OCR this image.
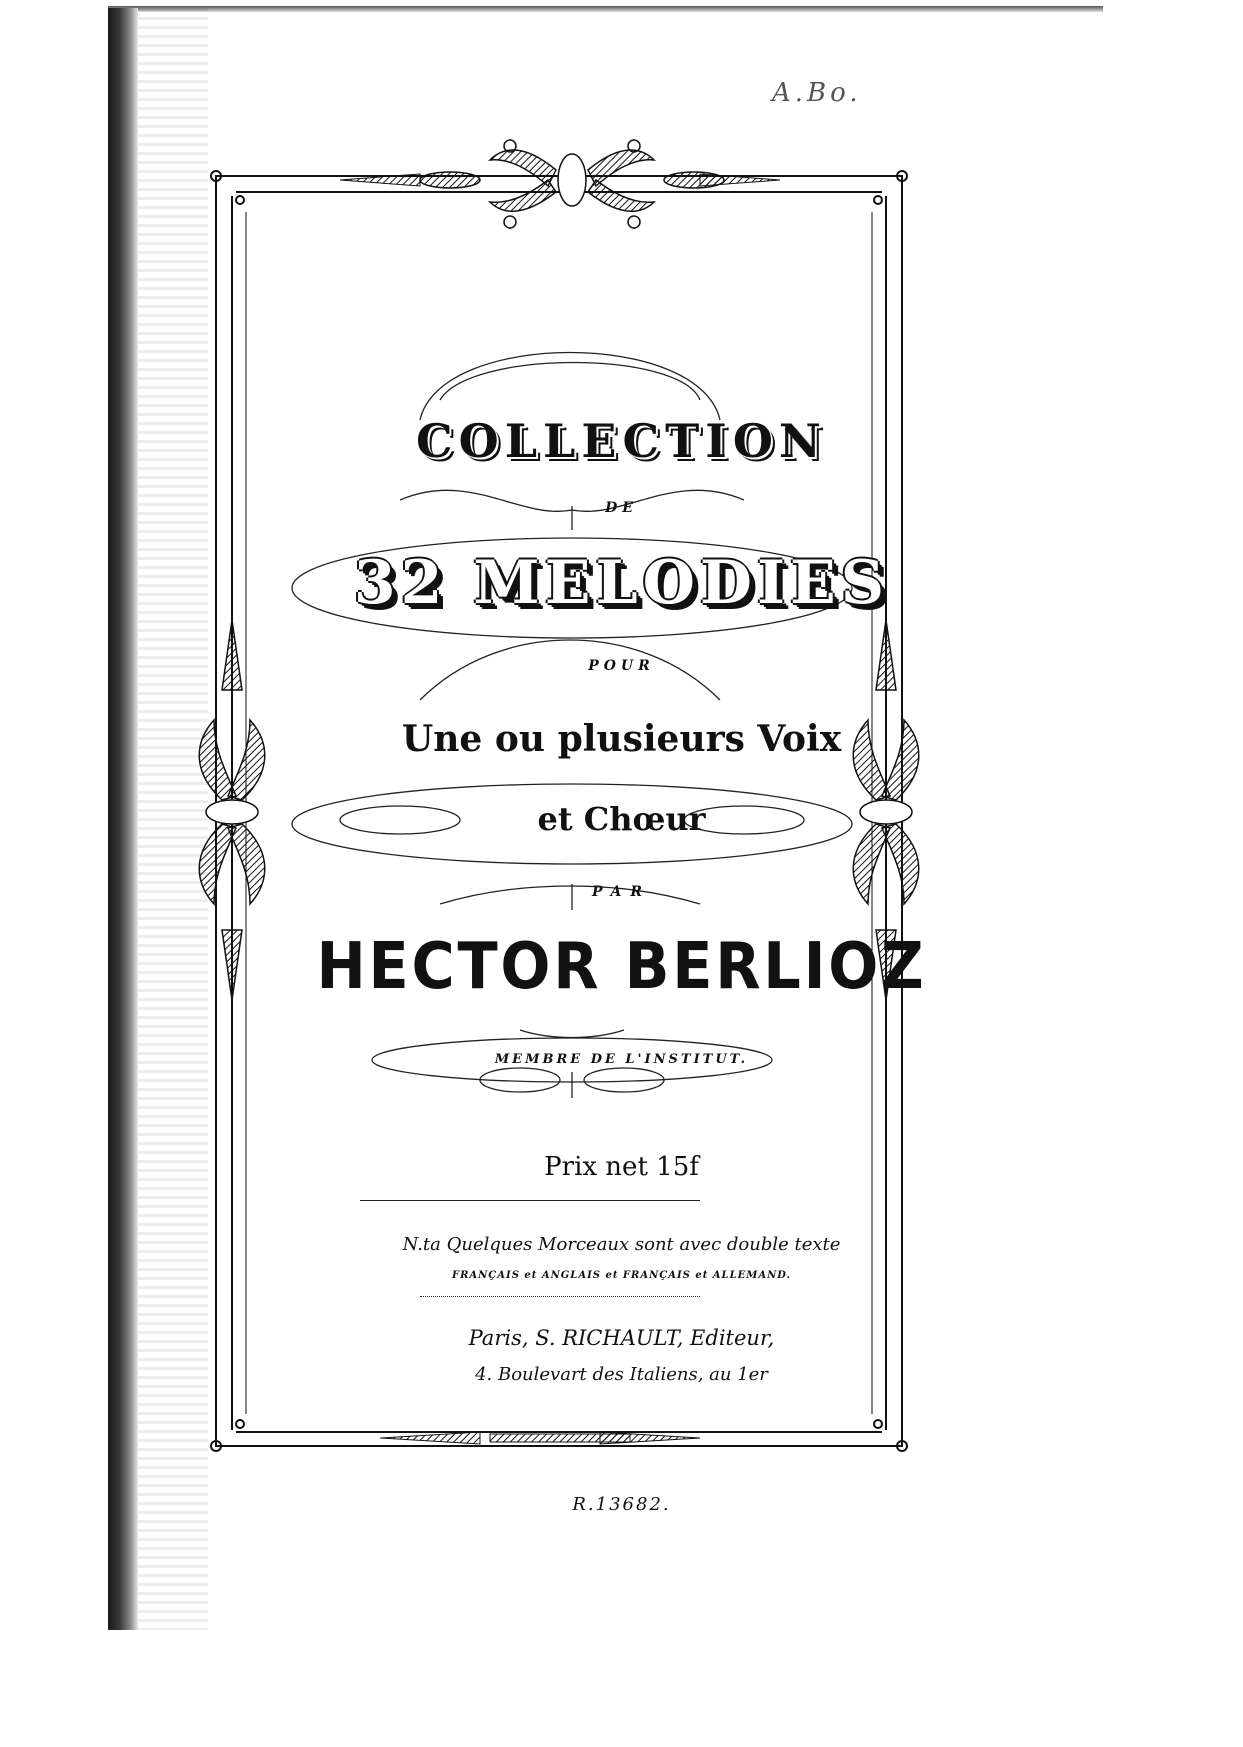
A.Bo.
COLLECTION
DE
32 MELODIES
POUR
Une ou plusieurs Voix
et Chœur
PAR
HECTOR BERLIOZ
MEMBRE DE L'INSTITUT.
Prix net 15f
N.ta Quelques Morceaux sont avec double texte
FRANÇAIS et ANGLAIS et FRANÇAIS et ALLEMAND.
Paris, S. RICHAULT, Editeur,
4. Boulevart des Italiens, au 1er
R.13682.
